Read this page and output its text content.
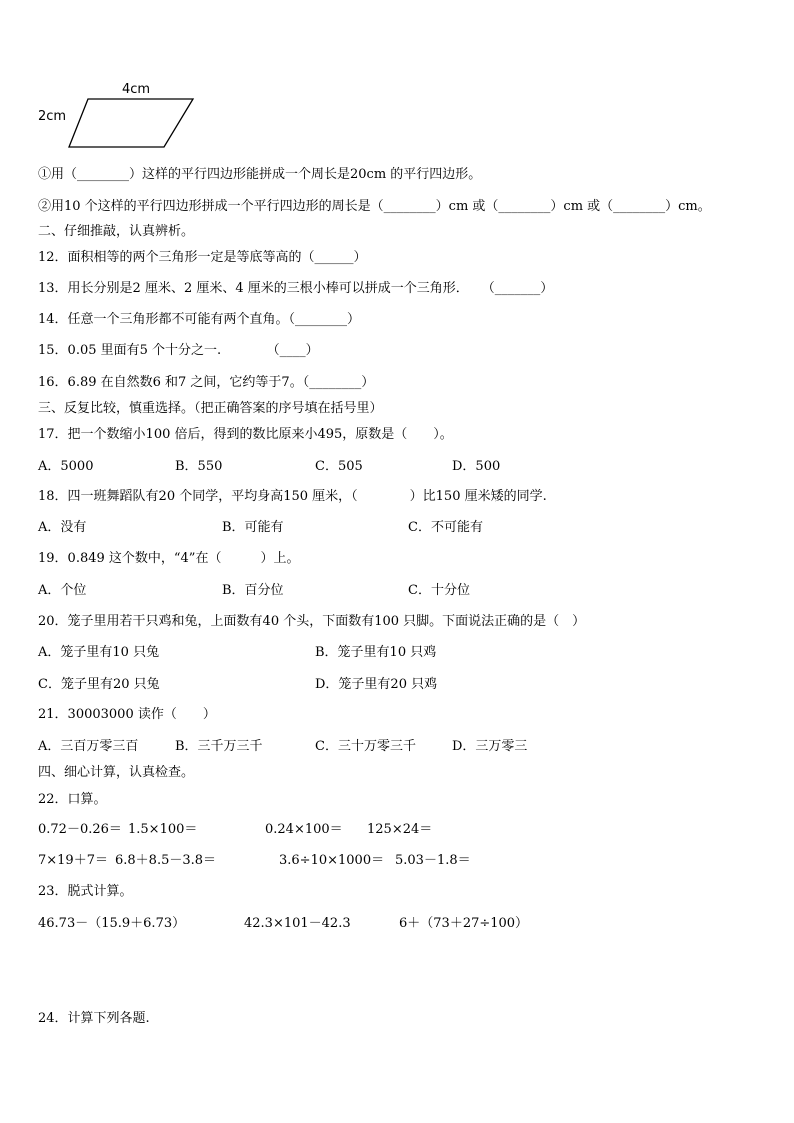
4cm
2cm
①用（________）这样的平行四边形能拼成一个周长是20cm 的平行四边形。
②用10 个这样的平行四边形拼成一个平行四边形的周长是（________）cm 或（________）cm 或（________）cm。
二、仔细推敲，认真辨析。
12．面积相等的两个三角形一定是等底等高的（______）
13．用长分别是2 厘米、2 厘米、4 厘米的三根小棒可以拼成一个三角形．　　（_______）
14．任意一个三角形都不可能有两个直角。（________）
15．0.05 里面有5 个十分之一.　　　　（____）
16．6.89 在自然数6 和7 之间，它约等于7。（________）
三、反复比较，慎重选择。（把正确答案的序号填在括号里）
17．把一个数缩小100 倍后，得到的数比原来小495，原数是（　　）。
A．5000	B．550	C．505	D．500
18．四一班舞蹈队有20 个同学，平均身高150 厘米，（　　　　）比150 厘米矮的同学.
A．没有	B．可能有	C．不可能有
19．0.849 这个数中，“4”在（　　　）上。
A．个位	B．百分位	C．十分位
20．笼子里用若干只鸡和兔，上面数有40 个头，下面数有100 只脚。下面说法正确的是（　）
A．笼子里有10 只兔	B．笼子里有10 只鸡
C．笼子里有20 只兔	D．笼子里有20 只鸡
21．30003000 读作（　　）
A．三百万零三百	B．三千万三千	C．三十万零三千	D．三万零三
四、细心计算，认真检查。
22．口算。
0.72－0.26＝ 1.5×100＝	0.24×100＝	125×24＝
7×19＋7＝ 6.8＋8.5－3.8＝	3.6÷10×1000＝ 5.03－1.8＝
23．脱式计算。
46.73－（15.9＋6.73）	42.3×101－42.3	6＋（73＋27÷100）
24．计算下列各题.
